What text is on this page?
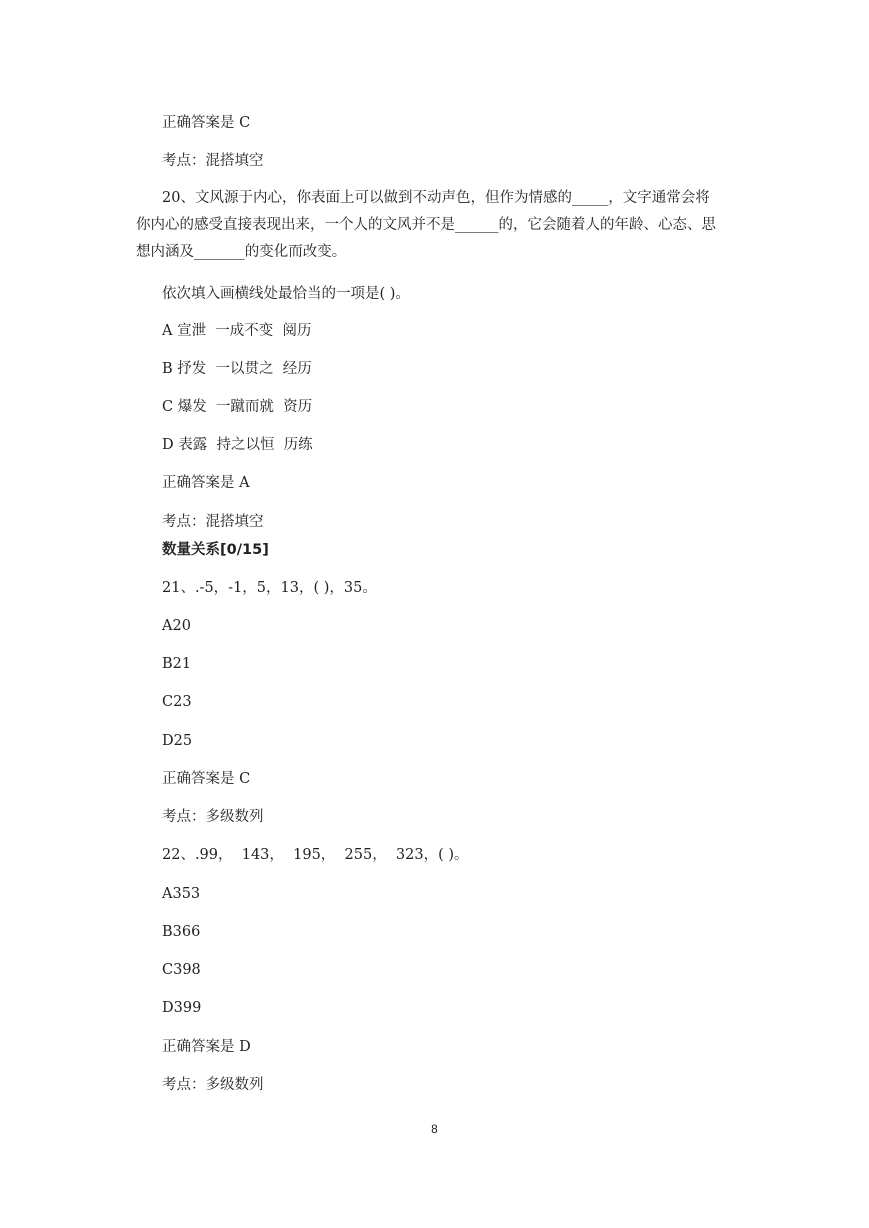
正确答案是 C
考点：混搭填空
20、文风源于内心，你表面上可以做到不动声色，但作为情感的_____，文字通常会将
你内心的感受直接表现出来，一个人的文风并不是______的，它会随着人的年龄、心态、思
想内涵及_______的变化而改变。
依次填入画横线处最恰当的一项是( )。
A 宣泄  一成不变  阅历
B 抒发  一以贯之  经历
C 爆发  一蹴而就  资历
D 表露  持之以恒  历练
正确答案是 A
考点：混搭填空
数量关系[0/15]
21、.-5，-1，5，13，( )，35。
A20
B21
C23
D25
正确答案是 C
考点：多级数列
22、.99，  143，  195，  255，  323，( )。
A353
B366
C398
D399
正确答案是 D
考点：多级数列
8
